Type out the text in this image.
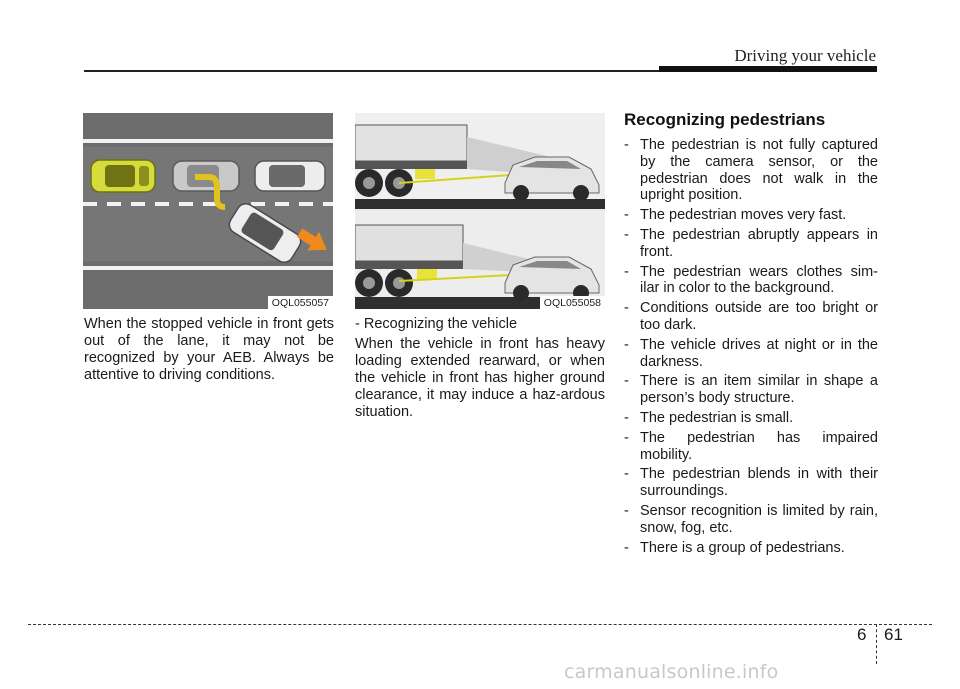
Driving your vehicle
OQL055057	OQL055058

When the stopped vehicle in front gets out of the lane, it may not be recognized by your AEB. Always be attentive to driving conditions.

- Recognizing the vehicle

When the vehicle in front has heavy loading extended rearward, or when the vehicle in front has higher ground clearance, it may induce a haz-ardous situation.

Recognizing pedestrians
- The pedestrian is not fully captured by the camera sensor, or the pedestrian does not walk in the upright position.
- The pedestrian moves very fast.
- The pedestrian abruptly appears in front.
- The pedestrian wears clothes sim-ilar in color to the background.
- Conditions outside are too bright or too dark.
- The vehicle drives at night or in the darkness.
- There is an item similar in shape a person’s body structure.
- The pedestrian is small.
- The pedestrian has impaired mobility.
- The pedestrian blends in with their surroundings.
- Sensor recognition is limited by rain, snow, fog, etc.
- There is a group of pedestrians.
6 61
carmanualsonline.info
